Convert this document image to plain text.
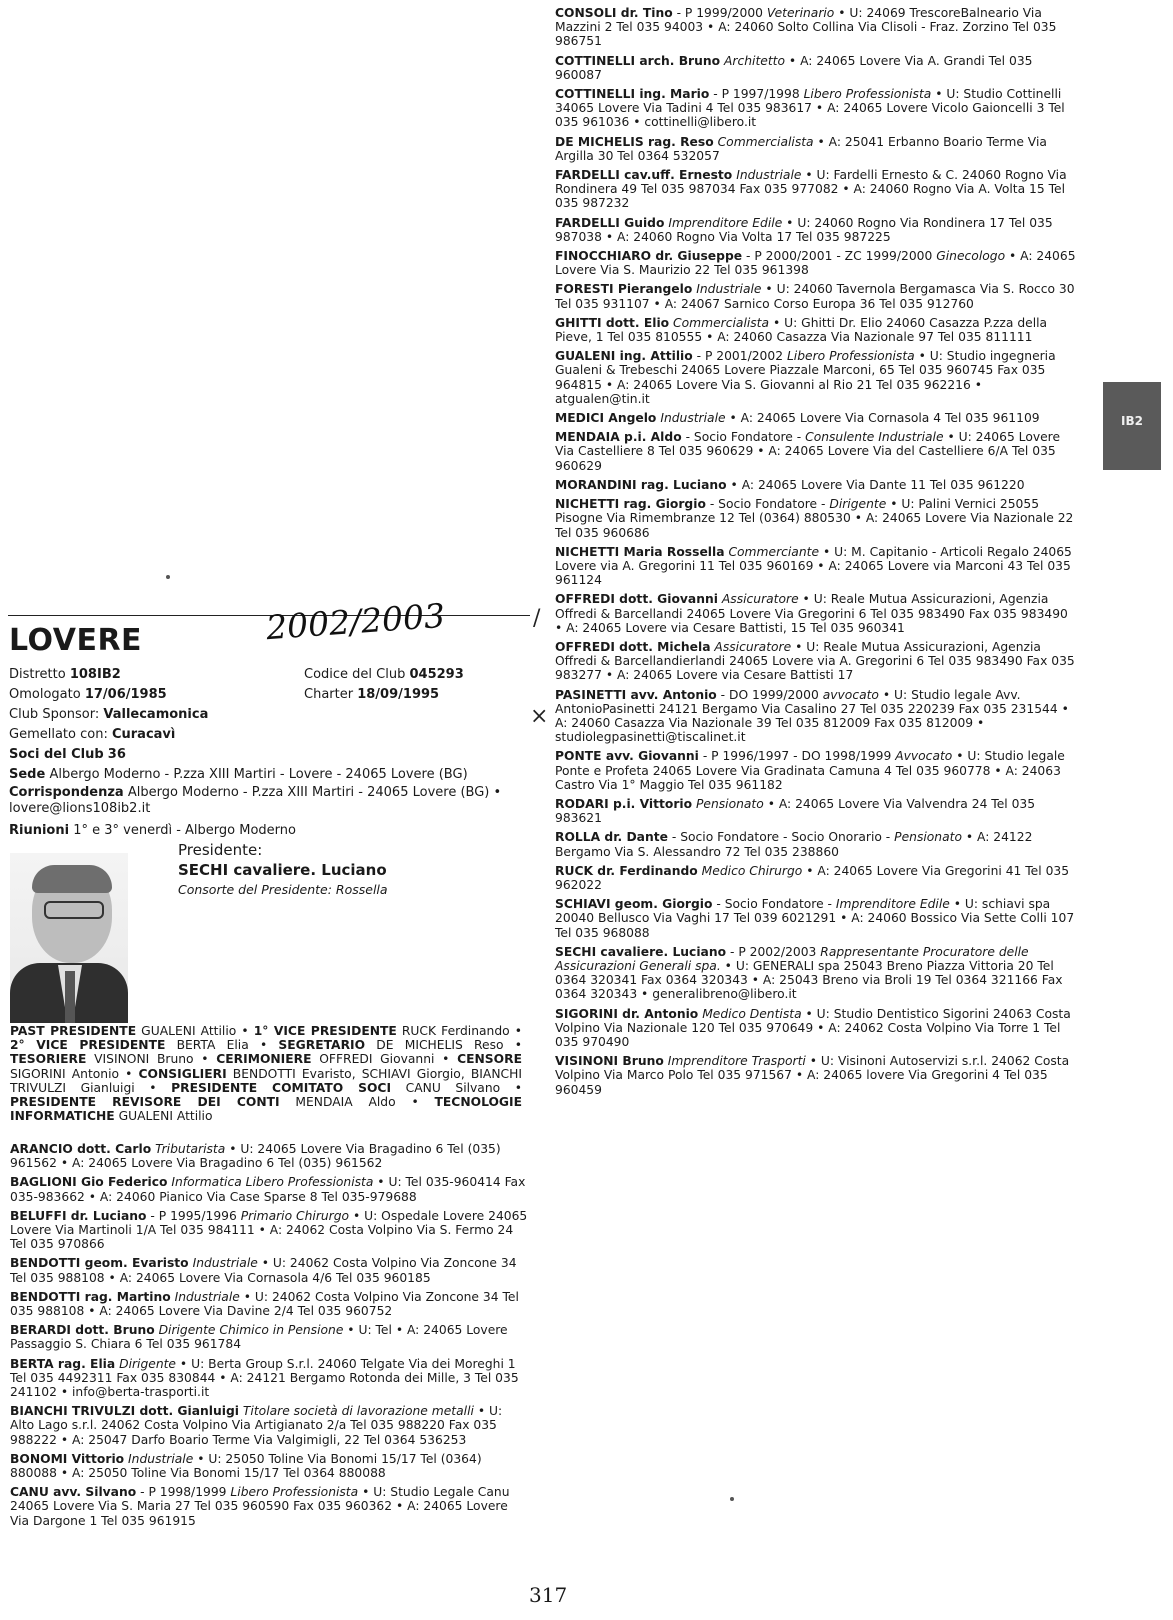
CONSOLI dr. Tino - P 1999/2000 Veterinario • U: 24069 TrescoreBalneario Via Mazzini 2 Tel 035 94003 • A: 24060 Solto Collina Via Clisoli - Fraz. Zorzino Tel 035 986751
COTTINELLI arch. Bruno Architetto • A: 24065 Lovere Via A. Grandi Tel 035 960087
COTTINELLI ing. Mario - P 1997/1998 Libero Professionista • U: Studio Cottinelli 34065 Lovere Via Tadini 4 Tel 035 983617 • A: 24065 Lovere Vicolo Gaioncelli 3 Tel 035 961036 • cottinelli@libero.it
DE MICHELIS rag. Reso Commercialista • A: 25041 Erbanno Boario Terme Via Argilla 30 Tel 0364 532057
FARDELLI cav.uff. Ernesto Industriale • U: Fardelli Ernesto & C. 24060 Rogno Via Rondinera 49 Tel 035 987034 Fax 035 977082 • A: 24060 Rogno Via A. Volta 15 Tel 035 987232
FARDELLI Guido Imprenditore Edile • U: 24060 Rogno Via Rondinera 17 Tel 035 987038 • A: 24060 Rogno Via Volta 17 Tel 035 987225
FINOCCHIARO dr. Giuseppe - P 2000/2001 - ZC 1999/2000 Ginecologo • A: 24065 Lovere Via S. Maurizio 22 Tel 035 961398
FORESTI Pierangelo Industriale • U: 24060 Tavernola Bergamasca Via S. Rocco 30 Tel 035 931107 • A: 24067 Sarnico Corso Europa 36 Tel 035 912760
GHITTI dott. Elio Commercialista • U: Ghitti Dr. Elio 24060 Casazza P.zza della Pieve, 1 Tel 035 810555 • A: 24060 Casazza Via Nazionale 97 Tel 035 811111
GUALENI ing. Attilio - P 2001/2002 Libero Professionista • U: Studio ingegneria Gualeni & Trebeschi 24065 Lovere Piazzale Marconi, 65 Tel 035 960745 Fax 035 964815 • A: 24065 Lovere Via S. Giovanni al Rio 21 Tel 035 962216 • atgualen@tin.it
MEDICI Angelo Industriale • A: 24065 Lovere Via Cornasola 4 Tel 035 961109
MENDAIA p.i. Aldo - Socio Fondatore - Consulente Industriale • U: 24065 Lovere Via Castelliere 8 Tel 035 960629 • A: 24065 Lovere Via del Castelliere 6/A Tel 035 960629
MORANDINI rag. Luciano • A: 24065 Lovere Via Dante 11 Tel 035 961220
NICHETTI rag. Giorgio - Socio Fondatore - Dirigente • U: Palini Vernici 25055 Pisogne Via Rimembranze 12 Tel (0364) 880530 • A: 24065 Lovere Via Nazionale 22 Tel 035 960686
NICHETTI Maria Rossella Commerciante • U: M. Capitanio - Articoli Regalo 24065 Lovere via A. Gregorini 11 Tel 035 960169 • A: 24065 Lovere via Marconi 43 Tel 035 961124
OFFREDI dott. Giovanni Assicuratore • U: Reale Mutua Assicurazioni, Agenzia Offredi & Barcellandi 24065 Lovere Via Gregorini 6 Tel 035 983490 Fax 035 983490 • A: 24065 Lovere via Cesare Battisti, 15 Tel 035 960341
OFFREDI dott. Michela Assicuratore • U: Reale Mutua Assicurazioni, Agenzia Offredi & Barcellandierlandi 24065 Lovere via A. Gregorini 6 Tel 035 983490 Fax 035 983277 • A: 24065 Lovere via Cesare Battisti 17
PASINETTI avv. Antonio - DO 1999/2000 avvocato • U: Studio legale Avv. AntonioPasinetti 24121 Bergamo Via Casalino 27 Tel 035 220239 Fax 035 231544 • A: 24060 Casazza Via Nazionale 39 Tel 035 812009 Fax 035 812009 • studiolegpasinetti@tiscalinet.it
PONTE avv. Giovanni - P 1996/1997 - DO 1998/1999 Avvocato • U: Studio legale Ponte e Profeta 24065 Lovere Via Gradinata Camuna 4 Tel 035 960778 • A: 24063 Castro Via 1° Maggio Tel 035 961182
RODARI p.i. Vittorio Pensionato • A: 24065 Lovere Via Valvendra 24 Tel 035 983621
ROLLA dr. Dante - Socio Fondatore - Socio Onorario - Pensionato • A: 24122 Bergamo Via S. Alessandro 72 Tel 035 238860
RUCK dr. Ferdinando Medico Chirurgo • A: 24065 Lovere Via Gregorini 41 Tel 035 962022
SCHIAVI geom. Giorgio - Socio Fondatore - Imprenditore Edile • U: schiavi spa 20040 Bellusco Via Vaghi 17 Tel 039 6021291 • A: 24060 Bossico Via Sette Colli 107 Tel 035 968088
SECHI cavaliere. Luciano - P 2002/2003 Rappresentante Procuratore delle Assicurazioni Generali spa. • U: GENERALI spa 25043 Breno Piazza Vittoria 20 Tel 0364 320341 Fax 0364 320343 • A: 25043 Breno via Broli 19 Tel 0364 321166 Fax 0364 320343 • generalibreno@libero.it
SIGORINI dr. Antonio Medico Dentista • U: Studio Dentistico Sigorini 24063 Costa Volpino Via Nazionale 120 Tel 035 970649 • A: 24062 Costa Volpino Via Torre 1 Tel 035 970490
VISINONI Bruno Imprenditore Trasporti • U: Visinoni Autoservizi s.r.l. 24062 Costa Volpino Via Marco Polo Tel 035 971567 • A: 24065 lovere Via Gregorini 4 Tel 035 960459
IB2
/
×
LOVERE	2002/2003
Distretto 108IB2	Codice del Club 045293
Omologato 17/06/1985	Charter 18/09/1995
Club Sponsor: Vallecamonica
Gemellato con: Curacavì
Soci del Club 36
Sede Albergo Moderno - P.zza XIII Martiri - Lovere - 24065 Lovere (BG)
Corrispondenza Albergo Moderno - P.zza XIII Martiri - 24065 Lovere (BG) • lovere@lions108ib2.it
Riunioni 1° e 3° venerdì - Albergo Moderno
Presidente:
SECHI cavaliere. Luciano
Consorte del Presidente: Rossella
PAST PRESIDENTE GUALENI Attilio • 1° VICE PRESIDENTE RUCK Ferdinando • 2° VICE PRESIDENTE BERTA Elia • SEGRETARIO DE MICHELIS Reso • TESORIERE VISINONI Bruno • CERIMONIERE OFFREDI Giovanni • CENSORE SIGORINI Antonio • CONSIGLIERI BENDOTTI Evaristo, SCHIAVI Giorgio, BIANCHI TRIVULZI Gianluigi • PRESIDENTE COMITATO SOCI CANU Silvano • PRESIDENTE REVISORE DEI CONTI MENDAIA Aldo • TECNOLOGIE INFORMATICHE GUALENI Attilio
ARANCIO dott. Carlo Tributarista • U: 24065 Lovere Via Bragadino 6 Tel (035) 961562 • A: 24065 Lovere Via Bragadino 6 Tel (035) 961562
BAGLIONI Gio Federico Informatica Libero Professionista • U: Tel 035-960414 Fax 035-983662 • A: 24060 Pianico Via Case Sparse 8 Tel 035-979688
BELUFFI dr. Luciano - P 1995/1996 Primario Chirurgo • U: Ospedale Lovere 24065 Lovere Via Martinoli 1/A Tel 035 984111 • A: 24062 Costa Volpino Via S. Fermo 24 Tel 035 970866
BENDOTTI geom. Evaristo Industriale • U: 24062 Costa Volpino Via Zoncone 34 Tel 035 988108 • A: 24065 Lovere Via Cornasola 4/6 Tel 035 960185
BENDOTTI rag. Martino Industriale • U: 24062 Costa Volpino Via Zoncone 34 Tel 035 988108 • A: 24065 Lovere Via Davine 2/4 Tel 035 960752
BERARDI dott. Bruno Dirigente Chimico in Pensione • U: Tel • A: 24065 Lovere Passaggio S. Chiara 6 Tel 035 961784
BERTA rag. Elia Dirigente • U: Berta Group S.r.l. 24060 Telgate Via dei Moreghi 1 Tel 035 4492311 Fax 035 830844 • A: 24121 Bergamo Rotonda dei Mille, 3 Tel 035 241102 • info@berta-trasporti.it
BIANCHI TRIVULZI dott. Gianluigi Titolare società di lavorazione metalli • U: Alto Lago s.r.l. 24062 Costa Volpino Via Artigianato 2/a Tel 035 988220 Fax 035 988222 • A: 25047 Darfo Boario Terme Via Valgimigli, 22 Tel 0364 536253
BONOMI Vittorio Industriale • U: 25050 Toline Via Bonomi 15/17 Tel (0364) 880088 • A: 25050 Toline Via Bonomi 15/17 Tel 0364 880088
CANU avv. Silvano - P 1998/1999 Libero Professionista • U: Studio Legale Canu 24065 Lovere Via S. Maria 27 Tel 035 960590 Fax 035 960362 • A: 24065 Lovere Via Dargone 1 Tel 035 961915
317
